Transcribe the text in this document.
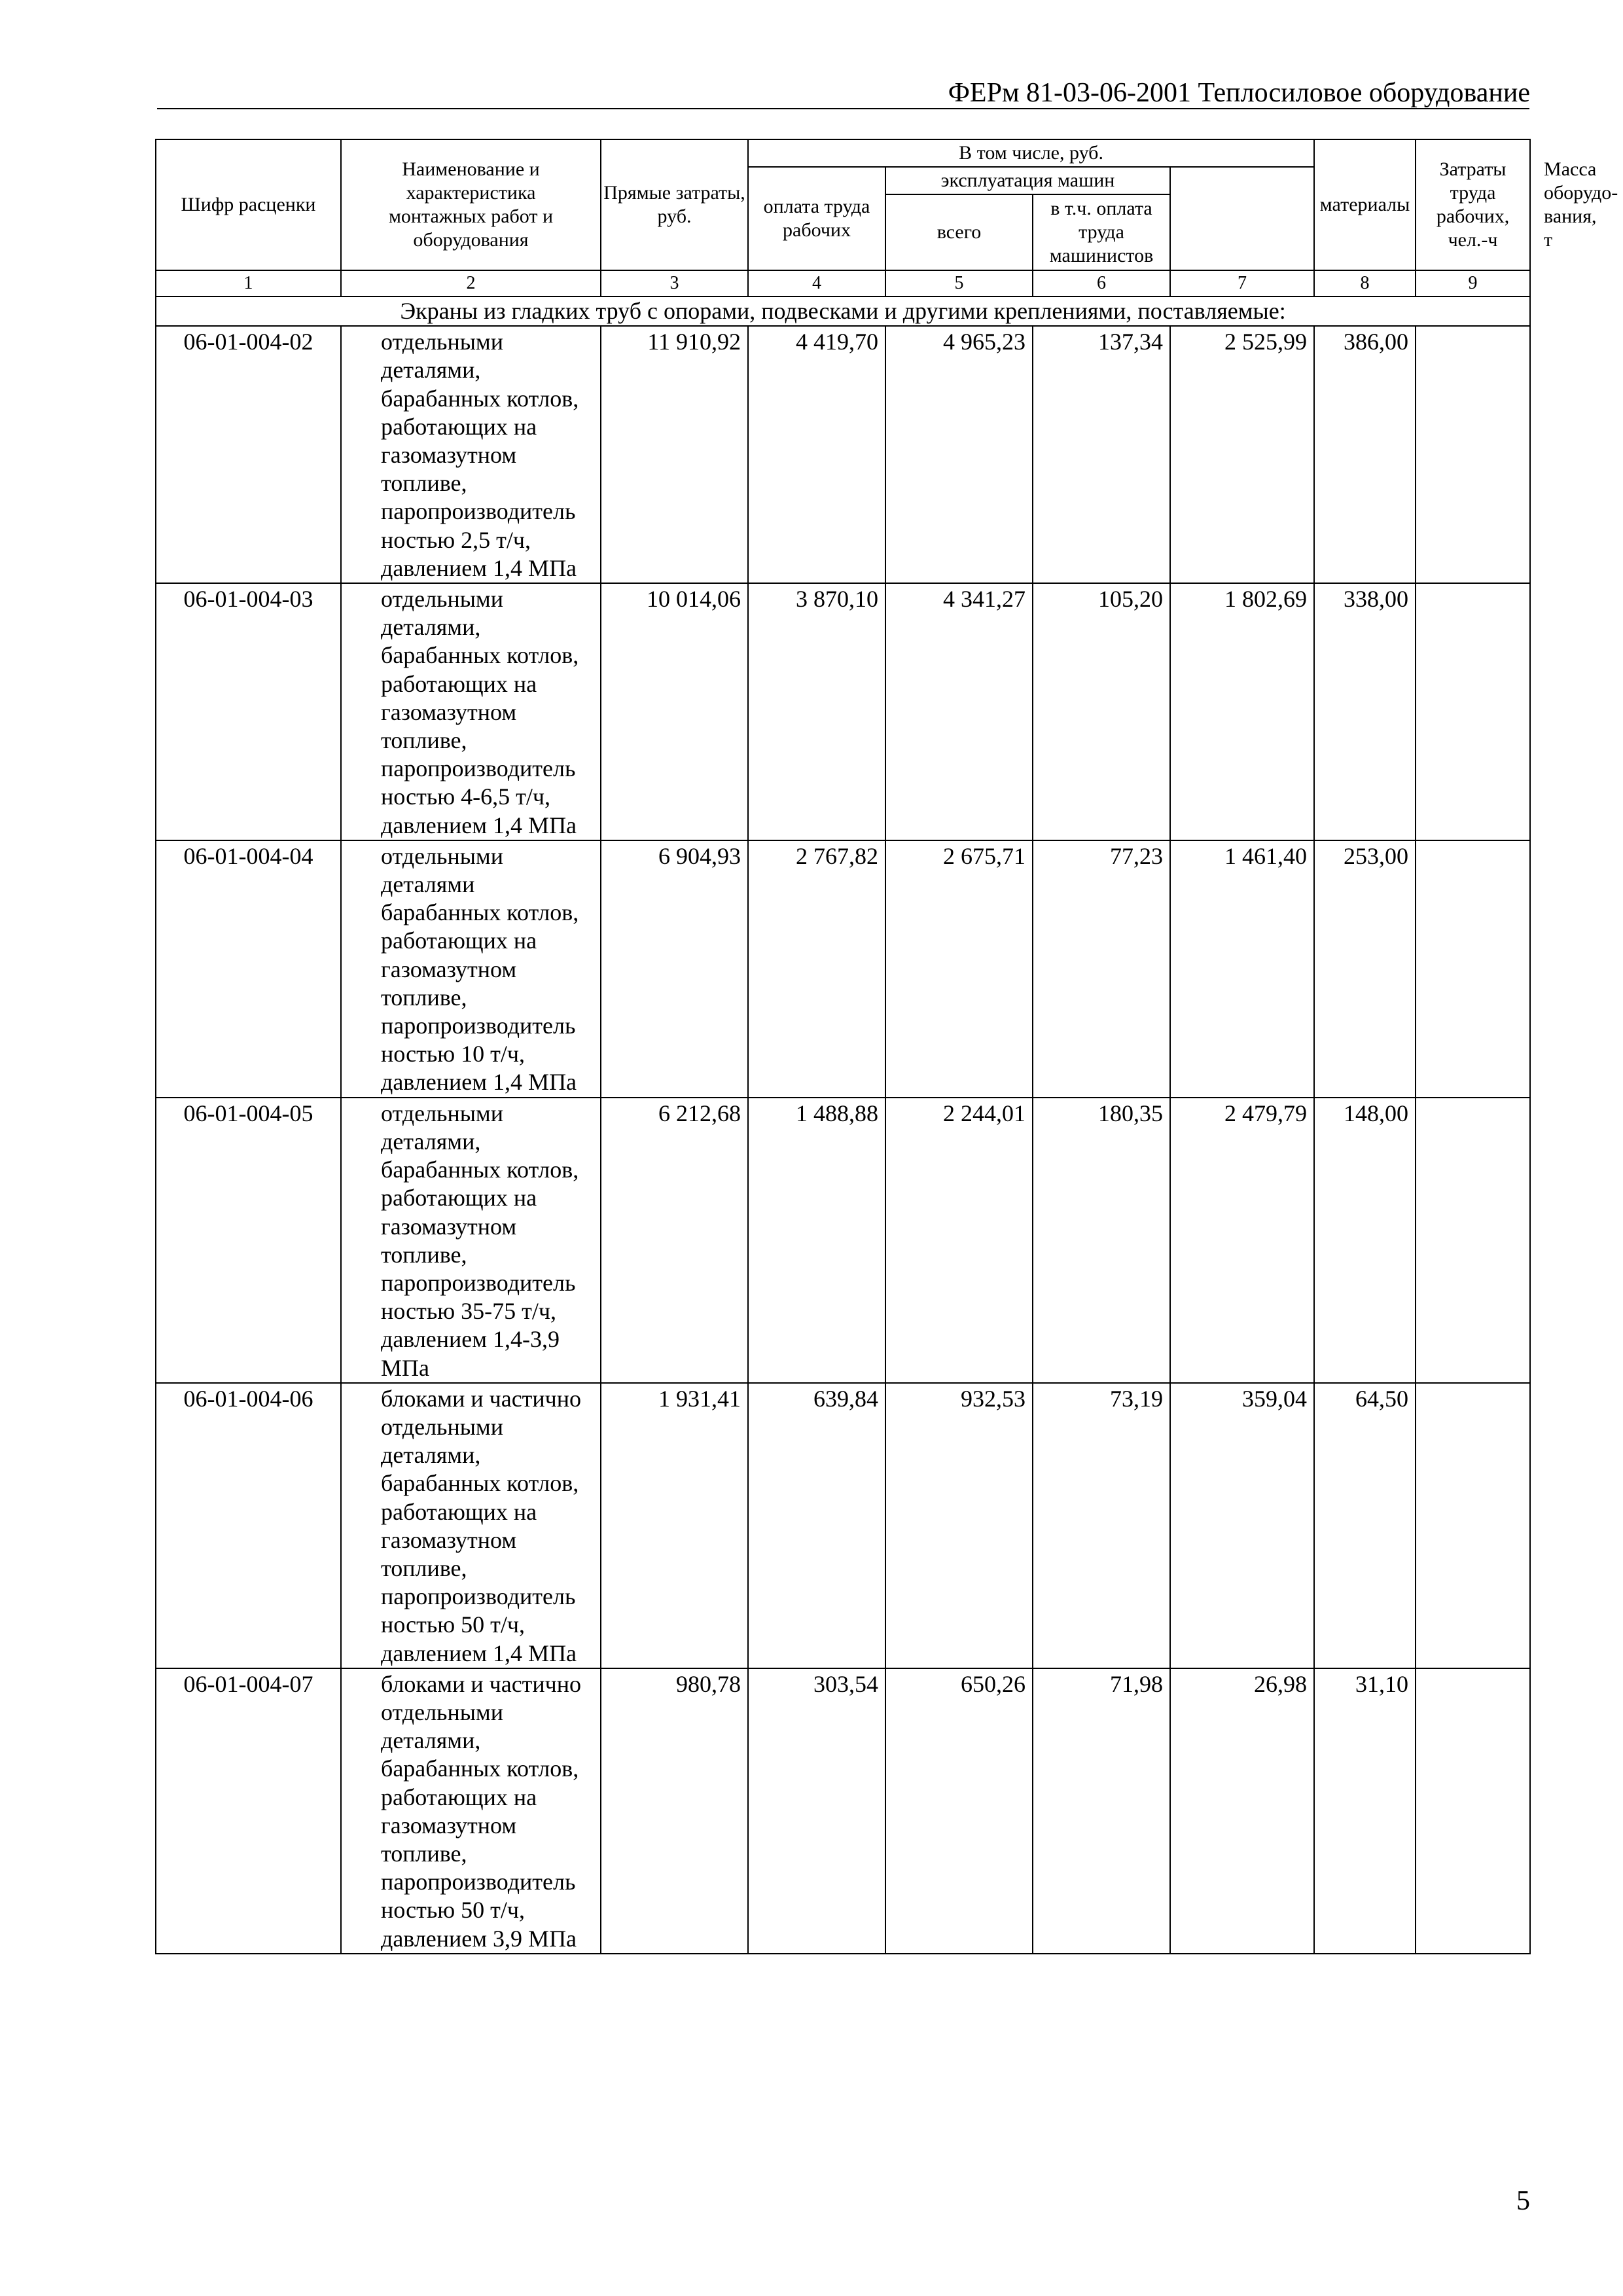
ФЕРм 81-03-06-2001 Теплосиловое оборудование
Шифр расценки	Наименование и характеристика монтажных работ и оборудования	Прямые затраты, руб.	В том числе, руб.				материалы	Затраты труда рабочих, чел.-ч	Масса оборудо-вания, т
			оплата труда рабочих	эксплуатация машин					
				всего	в т.ч. оплата труда машинистов				
1	2	3	4	5	6	7	8	9	
Экраны из гладких труб с опорами, подвесками и другими креплениями, поставляемые:									
06-01-004-02	отдельными деталями, барабанных котлов, работающих на газомазутном топливе, паропроизводитель ностью 2,5 т/ч, давлением 1,4 МПа	11 910,92	4 419,70	4 965,23	137,34	2 525,99	386,00		
06-01-004-03	отдельными деталями, барабанных котлов, работающих на газомазутном топливе, паропроизводитель ностью 4-6,5 т/ч, давлением 1,4 МПа	10 014,06	3 870,10	4 341,27	105,20	1 802,69	338,00		
06-01-004-04	отдельными деталями барабанных котлов, работающих на газомазутном топливе, паропроизводитель ностью 10 т/ч, давлением 1,4 МПа	6 904,93	2 767,82	2 675,71	77,23	1 461,40	253,00		
06-01-004-05	отдельными деталями, барабанных котлов, работающих на газомазутном топливе, паропроизводитель ностью 35-75 т/ч, давлением 1,4-3,9 МПа	6 212,68	1 488,88	2 244,01	180,35	2 479,79	148,00		
06-01-004-06	блоками и частично отдельными деталями, барабанных котлов, работающих на газомазутном топливе, паропроизводитель ностью 50 т/ч, давлением 1,4 МПа	1 931,41	639,84	932,53	73,19	359,04	64,50		
06-01-004-07	блоками и частично отдельными деталями, барабанных котлов, работающих на газомазутном топливе, паропроизводитель ностью 50 т/ч, давлением 3,9 МПа	980,78	303,54	650,26	71,98	26,98	31,10		
5
